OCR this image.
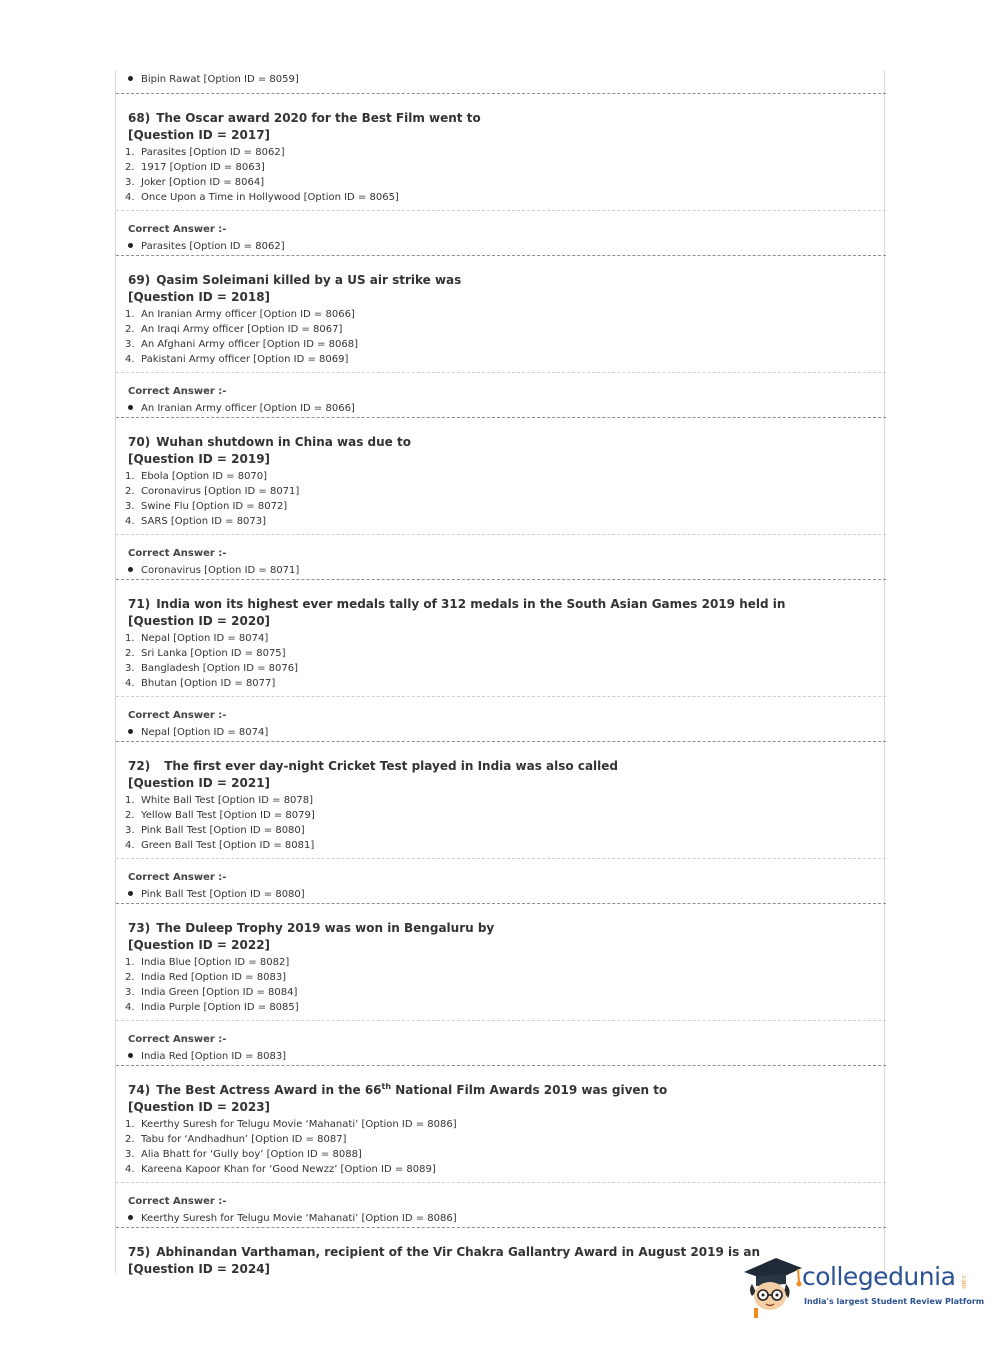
Bipin Rawat [Option ID = 8059]
68) The Oscar award 2020 for the Best Film went to
[Question ID = 2017]
1. Parasites [Option ID = 8062]
2. 1917 [Option ID = 8063]
3. Joker [Option ID = 8064]
4. Once Upon a Time in Hollywood [Option ID = 8065]
Correct Answer :-
Parasites [Option ID = 8062]
69) Qasim Soleimani killed by a US air strike was
[Question ID = 2018]
1. An Iranian Army officer [Option ID = 8066]
2. An Iraqi Army officer [Option ID = 8067]
3. An Afghani Army officer [Option ID = 8068]
4. Pakistani Army officer [Option ID = 8069]
Correct Answer :-
An Iranian Army officer [Option ID = 8066]
70) Wuhan shutdown in China was due to
[Question ID = 2019]
1. Ebola [Option ID = 8070]
2. Coronavirus [Option ID = 8071]
3. Swine Flu [Option ID = 8072]
4. SARS [Option ID = 8073]
Correct Answer :-
Coronavirus [Option ID = 8071]
71) India won its highest ever medals tally of 312 medals in the South Asian Games 2019 held in
[Question ID = 2020]
1. Nepal [Option ID = 8074]
2. Sri Lanka [Option ID = 8075]
3. Bangladesh [Option ID = 8076]
4. Bhutan [Option ID = 8077]
Correct Answer :-
Nepal [Option ID = 8074]
72) The first ever day-night Cricket Test played in India was also called
[Question ID = 2021]
1. White Ball Test [Option ID = 8078]
2. Yellow Ball Test [Option ID = 8079]
3. Pink Ball Test [Option ID = 8080]
4. Green Ball Test [Option ID = 8081]
Correct Answer :-
Pink Ball Test [Option ID = 8080]
73) The Duleep Trophy 2019 was won in Bengaluru by
[Question ID = 2022]
1. India Blue [Option ID = 8082]
2. India Red [Option ID = 8083]
3. India Green [Option ID = 8084]
4. India Purple [Option ID = 8085]
Correct Answer :-
India Red [Option ID = 8083]
74) The Best Actress Award in the 66th National Film Awards 2019 was given to
[Question ID = 2023]
1. Keerthy Suresh for Telugu Movie ‘Mahanati’ [Option ID = 8086]
2. Tabu for ‘Andhadhun’ [Option ID = 8087]
3. Alia Bhatt for ‘Gully boy’ [Option ID = 8088]
4. Kareena Kapoor Khan for ‘Good Newzz’ [Option ID = 8089]
Correct Answer :-
Keerthy Suresh for Telugu Movie ‘Mahanati’ [Option ID = 8086]
75) Abhinandan Varthaman, recipient of the Vir Chakra Gallantry Award in August 2019 is an
[Question ID = 2024]	collegedunia .com
India's largest Student Review Platform
